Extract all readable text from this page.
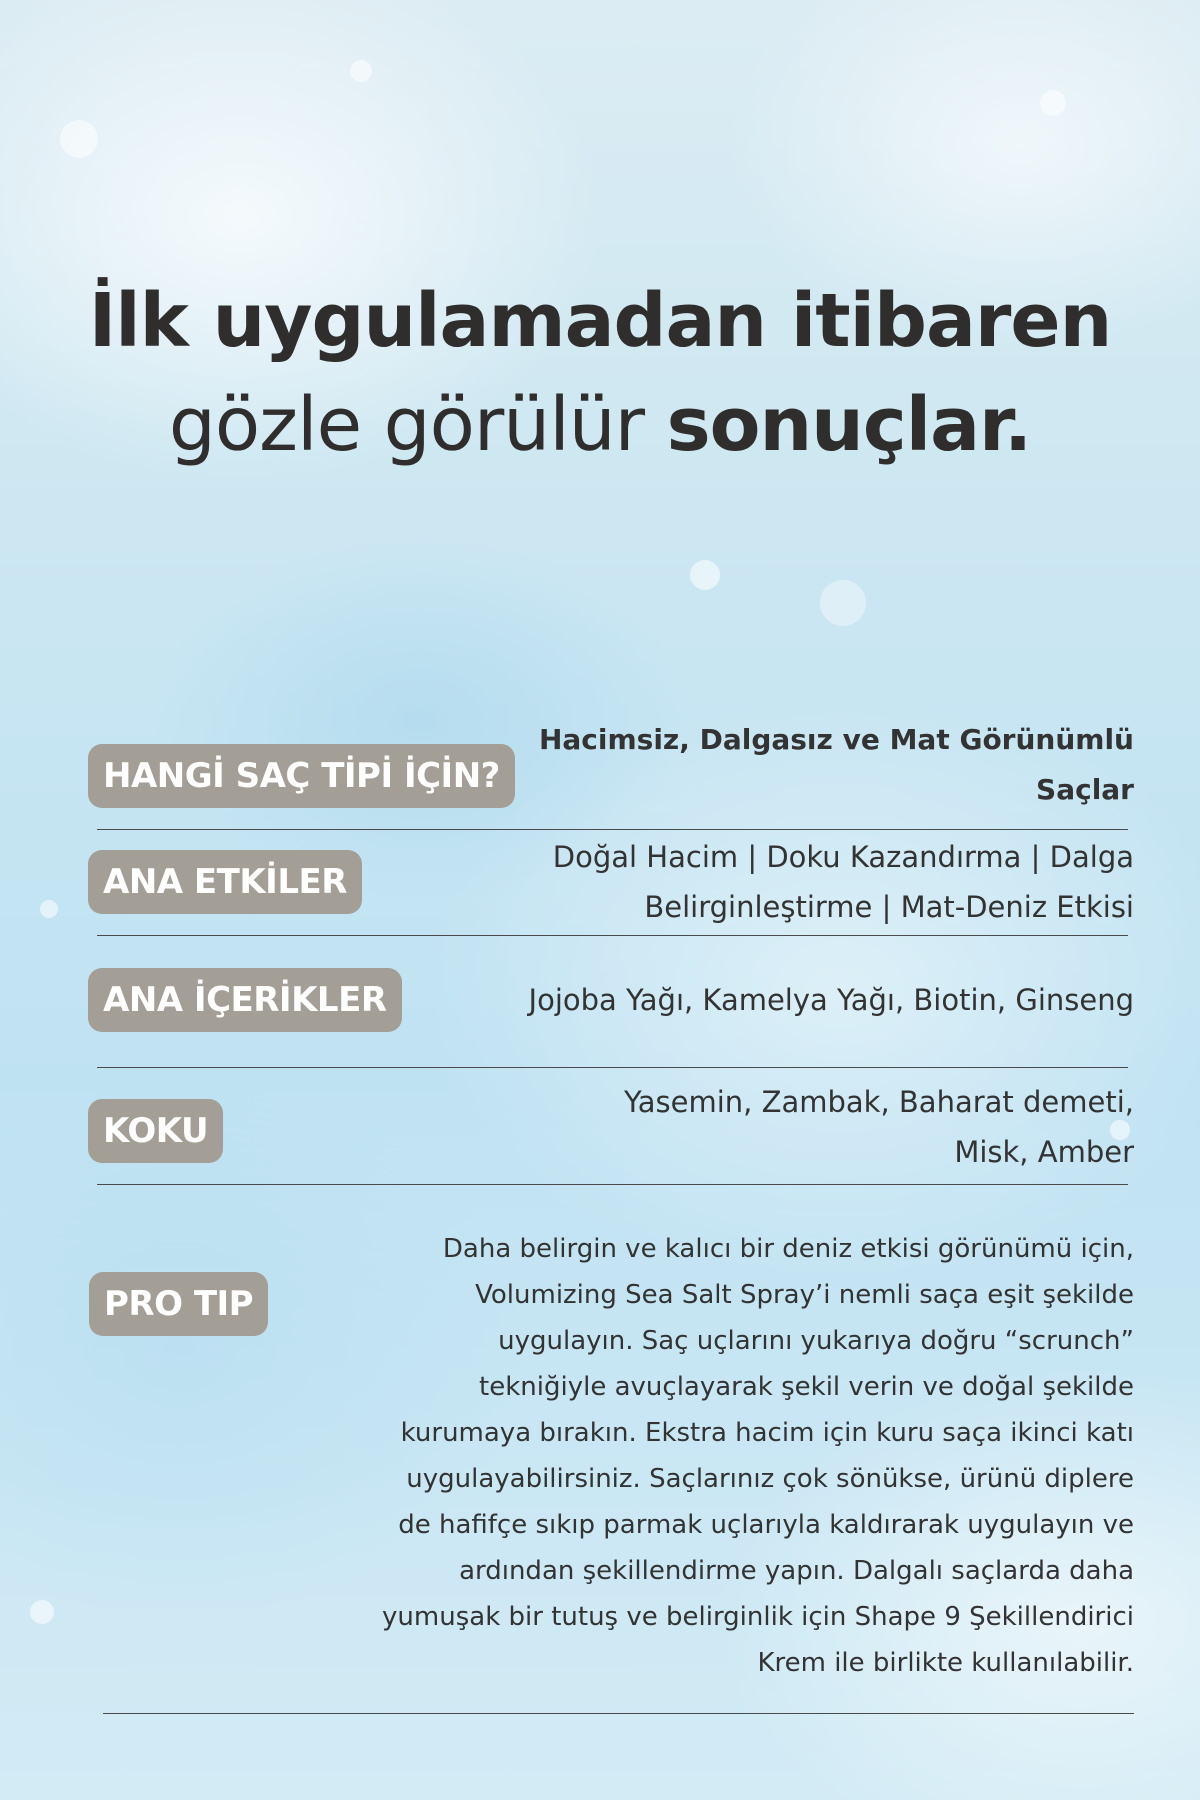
İlk uygulamadan itibaren
gözle görülür sonuçlar.
HANGİ SAÇ TİPİ İÇİN?
Hacimsiz, Dalgasız ve Mat Görünümlü
Saçlar
ANA ETKİLER
Doğal Hacim | Doku Kazandırma | Dalga
Belirginleştirme | Mat-Deniz Etkisi
ANA İÇERİKLER	Jojoba Yağı, Kamelya Yağı, Biotin, Ginseng
KOKU
Yasemin, Zambak, Baharat demeti,
Misk, Amber
PRO TIP
Daha belirgin ve kalıcı bir deniz etkisi görünümü için,
Volumizing Sea Salt Spray’i nemli saça eşit şekilde
uygulayın. Saç uçlarını yukarıya doğru “scrunch”
tekniğiyle avuçlayarak şekil verin ve doğal şekilde
kurumaya bırakın. Ekstra hacim için kuru saça ikinci katı
uygulayabilirsiniz. Saçlarınız çok sönükse, ürünü diplere
de hafifçe sıkıp parmak uçlarıyla kaldırarak uygulayın ve
ardından şekillendirme yapın. Dalgalı saçlarda daha
yumuşak bir tutuş ve belirginlik için Shape 9 Şekillendirici
Krem ile birlikte kullanılabilir.
